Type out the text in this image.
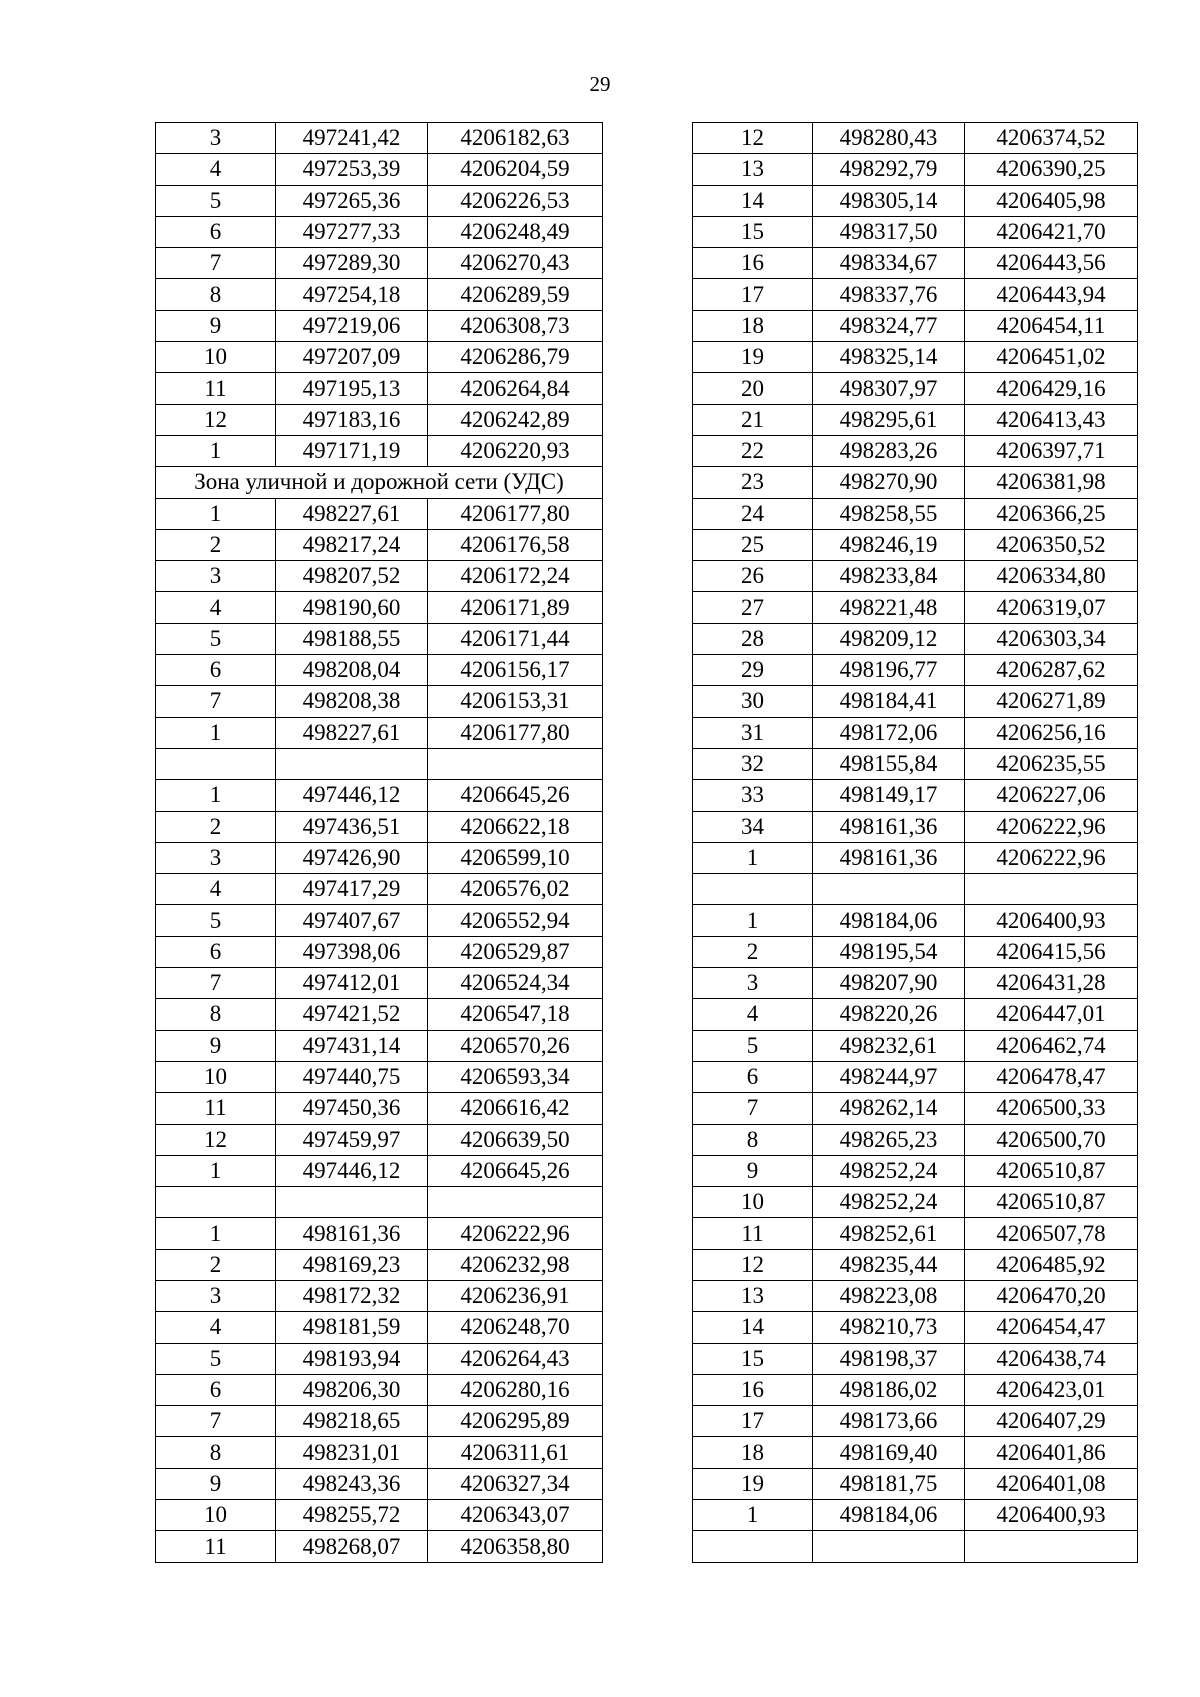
29
3	497241,42	4206182,63
4	497253,39	4206204,59
5	497265,36	4206226,53
6	497277,33	4206248,49
7	497289,30	4206270,43
8	497254,18	4206289,59
9	497219,06	4206308,73
10	497207,09	4206286,79
11	497195,13	4206264,84
12	497183,16	4206242,89
1	497171,19	4206220,93
Зона уличной и дорожной сети (УДС)		
1	498227,61	4206177,80
2	498217,24	4206176,58
3	498207,52	4206172,24
4	498190,60	4206171,89
5	498188,55	4206171,44
6	498208,04	4206156,17
7	498208,38	4206153,31
1	498227,61	4206177,80

1	497446,12	4206645,26
2	497436,51	4206622,18
3	497426,90	4206599,10
4	497417,29	4206576,02
5	497407,67	4206552,94
6	497398,06	4206529,87
7	497412,01	4206524,34
8	497421,52	4206547,18
9	497431,14	4206570,26
10	497440,75	4206593,34
11	497450,36	4206616,42
12	497459,97	4206639,50
1	497446,12	4206645,26

1	498161,36	4206222,96
2	498169,23	4206232,98
3	498172,32	4206236,91
4	498181,59	4206248,70
5	498193,94	4206264,43
6	498206,30	4206280,16
7	498218,65	4206295,89
8	498231,01	4206311,61
9	498243,36	4206327,34
10	498255,72	4206343,07
11	498268,07	4206358,80
12	498280,43	4206374,52
13	498292,79	4206390,25
14	498305,14	4206405,98
15	498317,50	4206421,70
16	498334,67	4206443,56
17	498337,76	4206443,94
18	498324,77	4206454,11
19	498325,14	4206451,02
20	498307,97	4206429,16
21	498295,61	4206413,43
22	498283,26	4206397,71
23	498270,90	4206381,98
24	498258,55	4206366,25
25	498246,19	4206350,52
26	498233,84	4206334,80
27	498221,48	4206319,07
28	498209,12	4206303,34
29	498196,77	4206287,62
30	498184,41	4206271,89
31	498172,06	4206256,16
32	498155,84	4206235,55
33	498149,17	4206227,06
34	498161,36	4206222,96
1	498161,36	4206222,96

1	498184,06	4206400,93
2	498195,54	4206415,56
3	498207,90	4206431,28
4	498220,26	4206447,01
5	498232,61	4206462,74
6	498244,97	4206478,47
7	498262,14	4206500,33
8	498265,23	4206500,70
9	498252,24	4206510,87
10	498252,24	4206510,87
11	498252,61	4206507,78
12	498235,44	4206485,92
13	498223,08	4206470,20
14	498210,73	4206454,47
15	498198,37	4206438,74
16	498186,02	4206423,01
17	498173,66	4206407,29
18	498169,40	4206401,86
19	498181,75	4206401,08
1	498184,06	4206400,93
